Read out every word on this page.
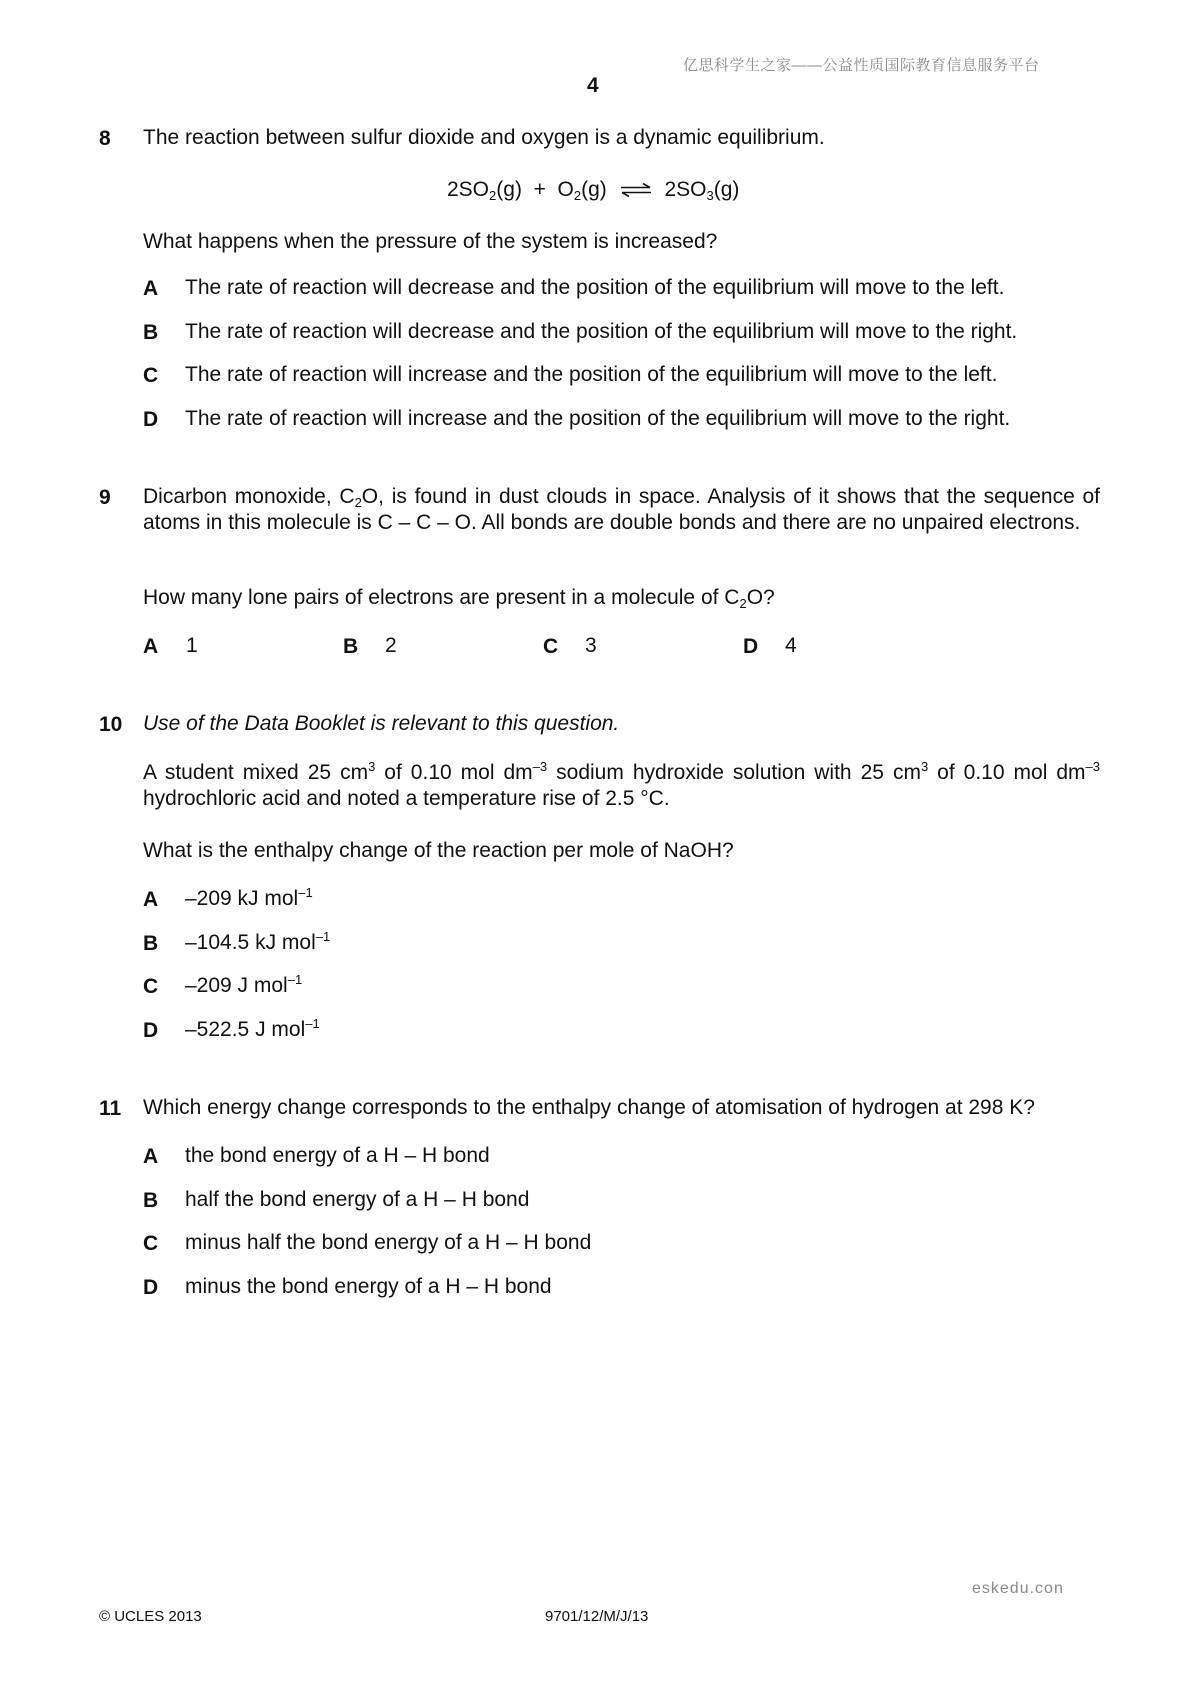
亿思科学生之家——公益性质国际教育信息服务平台
4
8 The reaction between sulfur dioxide and oxygen is a dynamic equilibrium.
$2SO_2(g) + O_2(g)$ ⇌ $2SO_3(g)$
What happens when the pressure of the system is increased?
A The rate of reaction will decrease and the position of the equilibrium will move to the left.
B The rate of reaction will decrease and the position of the equilibrium will move to the right.
C The rate of reaction will increase and the position of the equilibrium will move to the left.
D The rate of reaction will increase and the position of the equilibrium will move to the right.
9 Dicarbon monoxide, $C_2O$, is found in dust clouds in space. Analysis of it shows that the sequence of atoms in this molecule is C – C – O. All bonds are double bonds and there are no unpaired electrons.
How many lone pairs of electrons are present in a molecule of $C_2O$?
A 1	B 2	C 3	D 4
10 Use of the Data Booklet is relevant to this question.
A student mixed 25 $cm^3$ of 0.10 mol $dm^{-3}$ sodium hydroxide solution with 25 $cm^3$ of 0.10 mol $dm^{-3}$ hydrochloric acid and noted a temperature rise of 2.5 °C.
What is the enthalpy change of the reaction per mole of NaOH?
A –209 kJ mol$^{-1}$
B –104.5 kJ mol$^{-1}$
C –209 J mol$^{-1}$
D –522.5 J mol$^{-1}$
11 Which energy change corresponds to the enthalpy change of atomisation of hydrogen at 298 K?
A the bond energy of a H – H bond
B half the bond energy of a H – H bond
C minus half the bond energy of a H – H bond
D minus the bond energy of a H – H bond
eskedu.con
© UCLES 2013	9701/12/M/J/13
